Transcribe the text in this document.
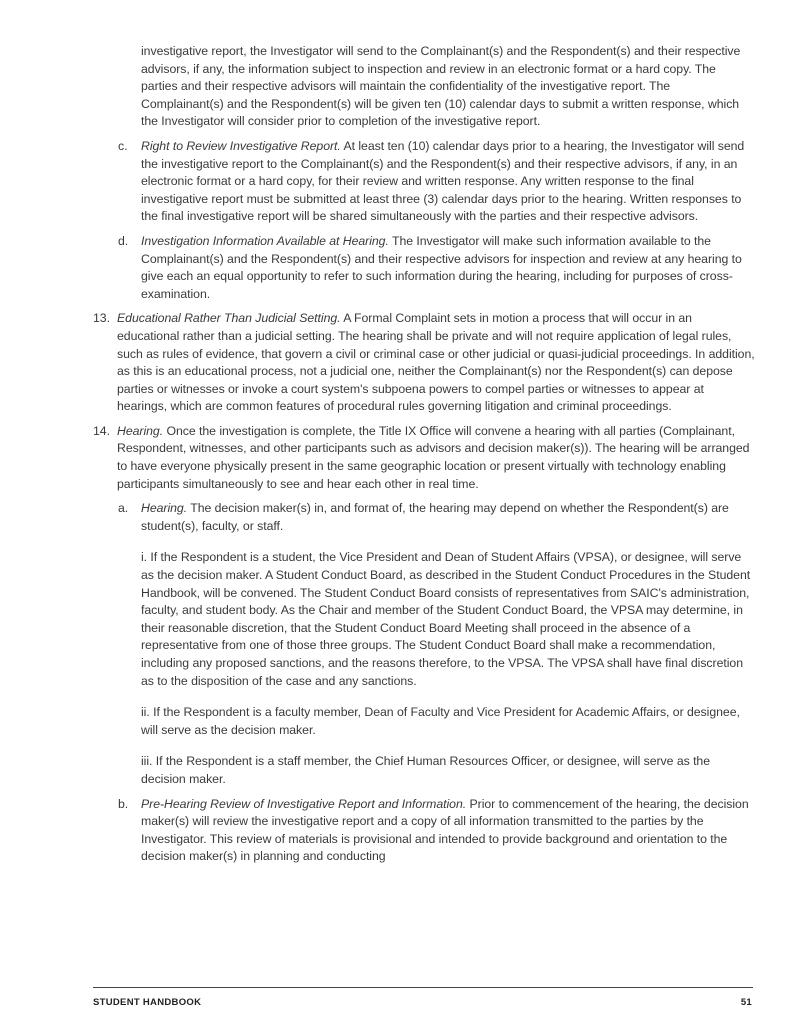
investigative report, the Investigator will send to the Complainant(s) and the Respondent(s) and their respective advisors, if any, the information subject to inspection and review in an electronic format or a hard copy. The parties and their respective advisors will maintain the confidentiality of the investigative report. The Complainant(s) and the Respondent(s) will be given ten (10) calendar days to submit a written response, which the Investigator will consider prior to completion of the investigative report.

c. Right to Review Investigative Report. At least ten (10) calendar days prior to a hearing, the Investigator will send the investigative report to the Complainant(s) and the Respondent(s) and their respective advisors, if any, in an electronic format or a hard copy, for their review and written response. Any written response to the final investigative report must be submitted at least three (3) calendar days prior to the hearing. Written responses to the final investigative report will be shared simultaneously with the parties and their respective advisors.

d. Investigation Information Available at Hearing. The Investigator will make such information available to the Complainant(s) and the Respondent(s) and their respective advisors for inspection and review at any hearing to give each an equal opportunity to refer to such information during the hearing, including for purposes of cross-examination.

13. Educational Rather Than Judicial Setting. A Formal Complaint sets in motion a process that will occur in an educational rather than a judicial setting. The hearing shall be private and will not require application of legal rules, such as rules of evidence, that govern a civil or criminal case or other judicial or quasi-judicial proceedings. In addition, as this is an educational process, not a judicial one, neither the Complainant(s) nor the Respondent(s) can depose parties or witnesses or invoke a court system's subpoena powers to compel parties or witnesses to appear at hearings, which are common features of procedural rules governing litigation and criminal proceedings.

14. Hearing. Once the investigation is complete, the Title IX Office will convene a hearing with all parties (Complainant, Respondent, witnesses, and other participants such as advisors and decision maker(s)). The hearing will be arranged to have everyone physically present in the same geographic location or present virtually with technology enabling participants simultaneously to see and hear each other in real time.

a. Hearing. The decision maker(s) in, and format of, the hearing may depend on whether the Respondent(s) are student(s), faculty, or staff.

i. If the Respondent is a student, the Vice President and Dean of Student Affairs (VPSA), or designee, will serve as the decision maker. A Student Conduct Board, as described in the Student Conduct Procedures in the Student Handbook, will be convened. The Student Conduct Board consists of representatives from SAIC's administration, faculty, and student body. As the Chair and member of the Student Conduct Board, the VPSA may determine, in their reasonable discretion, that the Student Conduct Board Meeting shall proceed in the absence of a representative from one of those three groups. The Student Conduct Board shall make a recommendation, including any proposed sanctions, and the reasons therefore, to the VPSA. The VPSA shall have final discretion as to the disposition of the case and any sanctions.

ii. If the Respondent is a faculty member, Dean of Faculty and Vice President for Academic Affairs, or designee, will serve as the decision maker.

iii. If the Respondent is a staff member, the Chief Human Resources Officer, or designee, will serve as the decision maker.

b. Pre-Hearing Review of Investigative Report and Information. Prior to commencement of the hearing, the decision maker(s) will review the investigative report and a copy of all information transmitted to the parties by the Investigator. This review of materials is provisional and intended to provide background and orientation to the decision maker(s) in planning and conducting

STUDENT HANDBOOK	51
